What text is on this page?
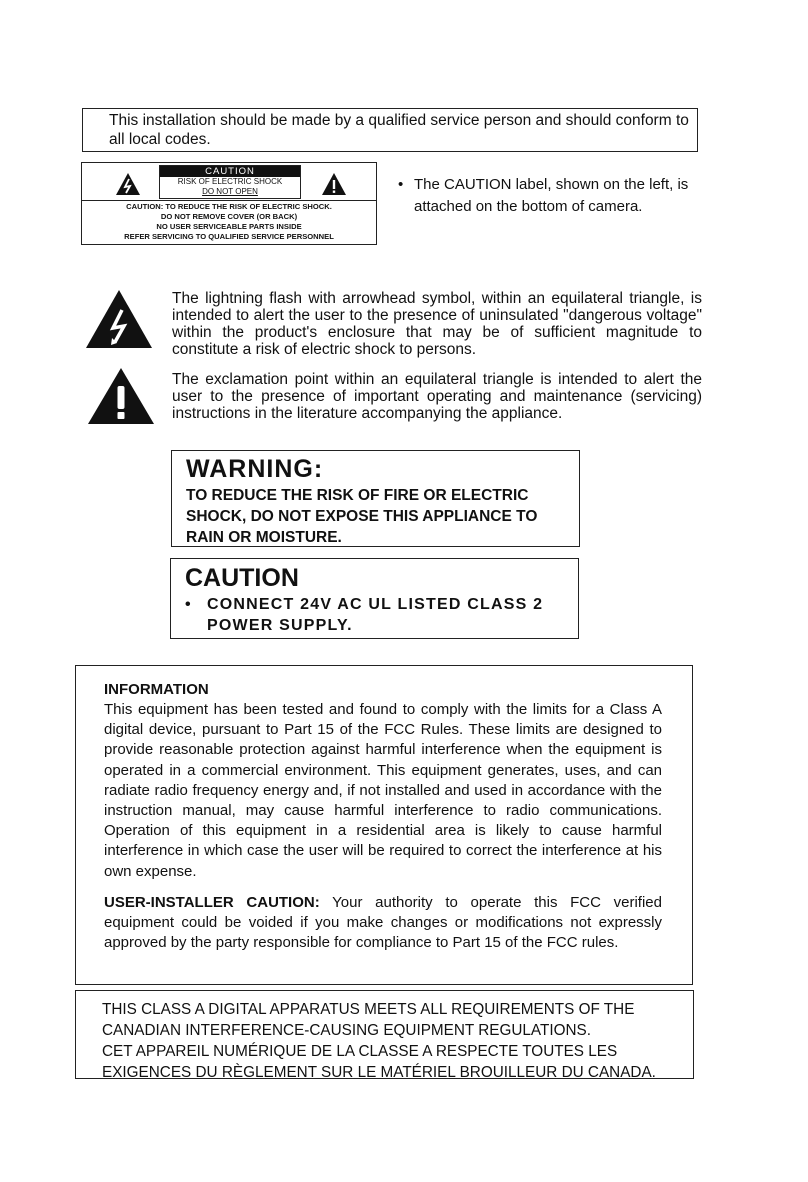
This installation should be made by a qualified service person and should conform to all local codes.
CAUTION
RISK OF ELECTRIC SHOCK
DO NOT OPEN
CAUTION: TO REDUCE THE RISK OF ELECTRIC SHOCK.
DO NOT REMOVE COVER (OR BACK)
NO USER SERVICEABLE PARTS INSIDE
REFER SERVICING TO QUALIFIED SERVICE PERSONNEL
• The CAUTION label, shown on the left, is attached on the bottom of camera.
The lightning flash with arrowhead symbol, within an equilateral triangle, is intended to alert the user to the presence of uninsulated "dangerous voltage" within the product's enclosure that may be of sufficient magnitude to constitute a risk of electric shock to persons.
The exclamation point within an equilateral triangle is intended to alert the user to the presence of important operating and maintenance (servicing) instructions in the literature accompanying the appliance.
WARNING:
TO REDUCE THE RISK OF FIRE OR ELECTRIC SHOCK, DO NOT EXPOSE THIS APPLIANCE TO RAIN OR MOISTURE.
CAUTION
• CONNECT 24V AC UL LISTED CLASS 2 POWER SUPPLY.
INFORMATION
This equipment has been tested and found to comply with the limits for a Class A digital device, pursuant to Part 15 of the FCC Rules. These limits are designed to provide reasonable protection against harmful interference when the equipment is operated in a commercial environment. This equipment generates, uses, and can radiate radio frequency energy and, if not installed and used in accordance with the instruction manual, may cause harmful interference to radio communications. Operation of this equipment in a residential area is likely to cause harmful interference in which case the user will be required to correct the interference at his own expense.
USER-INSTALLER CAUTION: Your authority to operate this FCC verified equipment could be voided if you make changes or modifications not expressly approved by the party responsible for compliance to Part 15 of the FCC rules.
THIS CLASS A DIGITAL APPARATUS MEETS ALL REQUIREMENTS OF THE
CANADIAN INTERFERENCE-CAUSING EQUIPMENT REGULATIONS.
CET APPAREIL NUMÉRIQUE DE LA CLASSE A RESPECTE TOUTES LES
EXIGENCES DU RÈGLEMENT SUR LE MATÉRIEL BROUILLEUR DU CANADA.
